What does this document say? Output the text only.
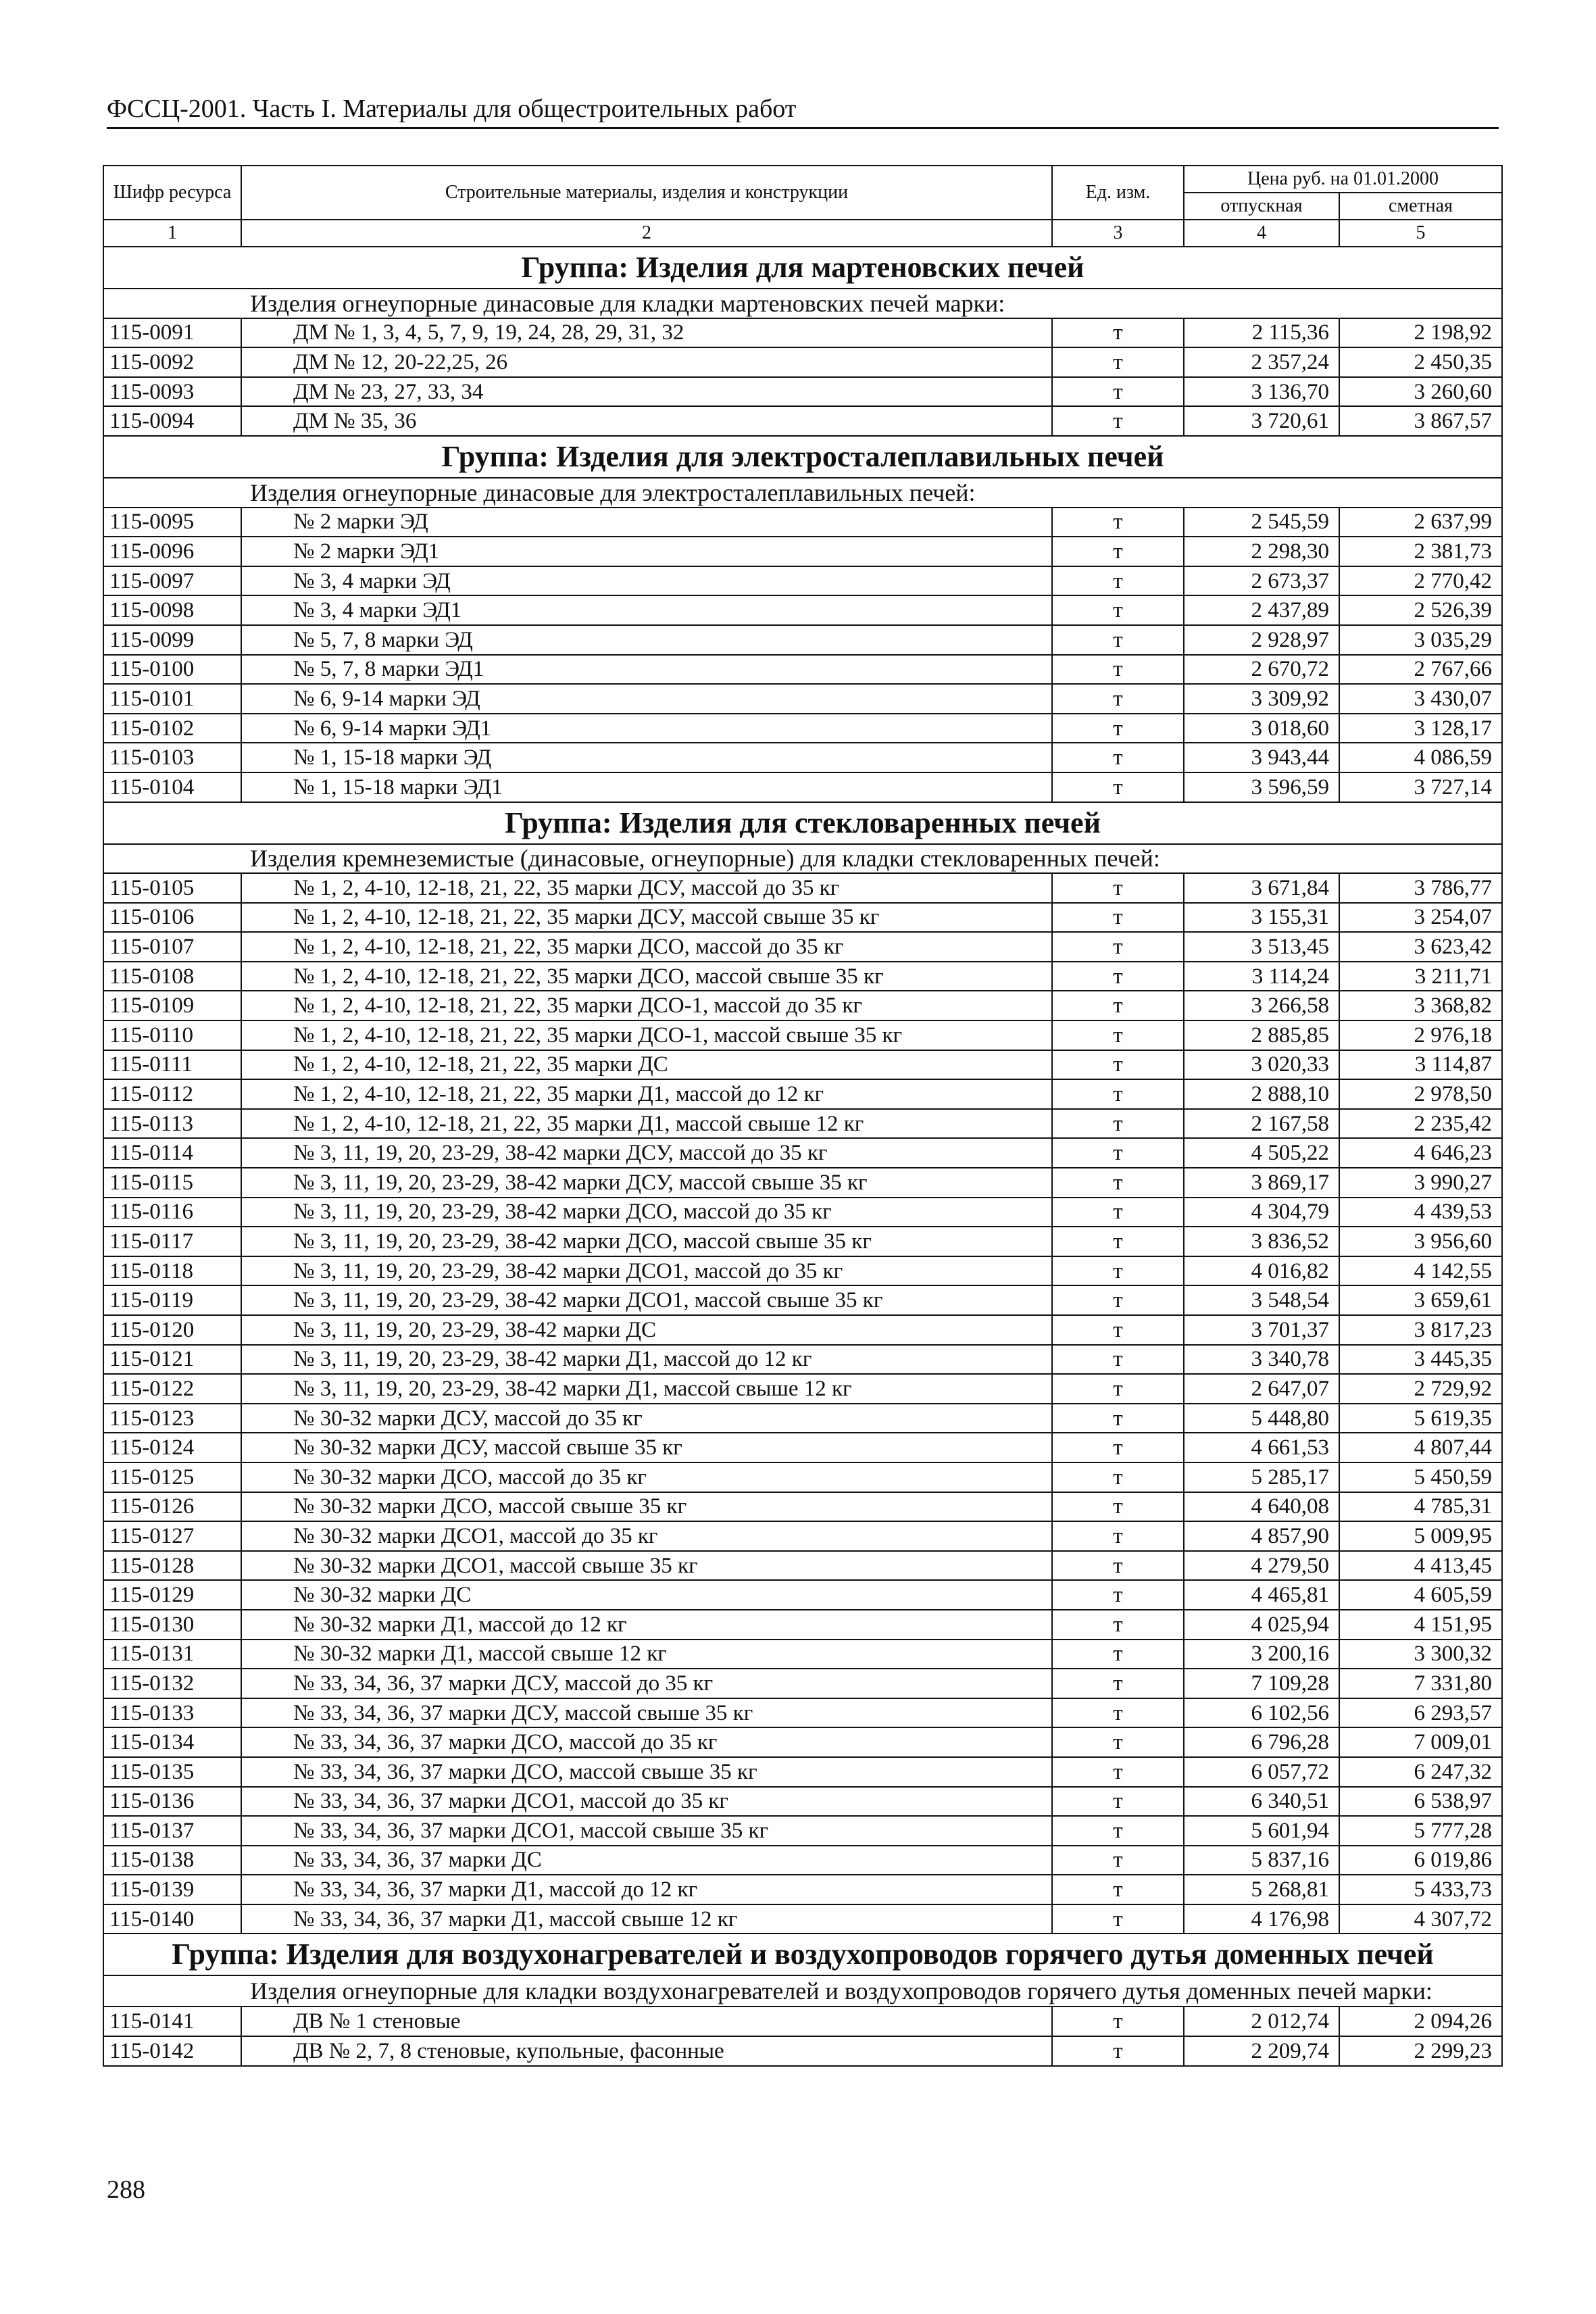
ФССЦ-2001. Часть I. Материалы для общестроительных работ
Шифр ресурса	Строительные материалы, изделия и конструкции	Ед. изм.	Цена руб. на 01.01.2000	
			отпускная	сметная
1	2	3	4	5
Группа: Изделия для мартеновских печей				
Изделия огнеупорные динасовые для кладки мартеновских печей марки:				
115-0091	ДМ № 1, 3, 4, 5, 7, 9, 19, 24, 28, 29, 31, 32	т	2 115,36	2 198,92
115-0092	ДМ № 12, 20-22,25, 26	т	2 357,24	2 450,35
115-0093	ДМ № 23, 27, 33, 34	т	3 136,70	3 260,60
115-0094	ДМ № 35, 36	т	3 720,61	3 867,57
Группа: Изделия для электросталеплавильных печей				
Изделия огнеупорные динасовые для электросталеплавильных печей:				
115-0095	№ 2 марки ЭД	т	2 545,59	2 637,99
115-0096	№ 2 марки ЭД1	т	2 298,30	2 381,73
115-0097	№ 3, 4 марки ЭД	т	2 673,37	2 770,42
115-0098	№ 3, 4 марки ЭД1	т	2 437,89	2 526,39
115-0099	№ 5, 7, 8 марки ЭД	т	2 928,97	3 035,29
115-0100	№ 5, 7, 8 марки ЭД1	т	2 670,72	2 767,66
115-0101	№ 6, 9-14 марки ЭД	т	3 309,92	3 430,07
115-0102	№ 6, 9-14 марки ЭД1	т	3 018,60	3 128,17
115-0103	№ 1, 15-18 марки ЭД	т	3 943,44	4 086,59
115-0104	№ 1, 15-18 марки ЭД1	т	3 596,59	3 727,14
Группа: Изделия для стекловаренных печей				
Изделия кремнеземистые (динасовые, огнеупорные) для кладки стекловаренных печей:				
115-0105	№ 1, 2, 4-10, 12-18, 21, 22, 35 марки ДСУ, массой до 35 кг	т	3 671,84	3 786,77
115-0106	№ 1, 2, 4-10, 12-18, 21, 22, 35 марки ДСУ, массой свыше 35 кг	т	3 155,31	3 254,07
115-0107	№ 1, 2, 4-10, 12-18, 21, 22, 35 марки ДСО, массой до 35 кг	т	3 513,45	3 623,42
115-0108	№ 1, 2, 4-10, 12-18, 21, 22, 35 марки ДСО, массой свыше 35 кг	т	3 114,24	3 211,71
115-0109	№ 1, 2, 4-10, 12-18, 21, 22, 35 марки ДСО-1, массой до 35 кг	т	3 266,58	3 368,82
115-0110	№ 1, 2, 4-10, 12-18, 21, 22, 35 марки ДСО-1, массой свыше 35 кг	т	2 885,85	2 976,18
115-0111	№ 1, 2, 4-10, 12-18, 21, 22, 35 марки ДС	т	3 020,33	3 114,87
115-0112	№ 1, 2, 4-10, 12-18, 21, 22, 35 марки Д1, массой до 12 кг	т	2 888,10	2 978,50
115-0113	№ 1, 2, 4-10, 12-18, 21, 22, 35 марки Д1, массой свыше 12 кг	т	2 167,58	2 235,42
115-0114	№ 3, 11, 19, 20, 23-29, 38-42 марки ДСУ, массой до 35 кг	т	4 505,22	4 646,23
115-0115	№ 3, 11, 19, 20, 23-29, 38-42 марки ДСУ, массой свыше 35 кг	т	3 869,17	3 990,27
115-0116	№ 3, 11, 19, 20, 23-29, 38-42 марки ДСО, массой до 35 кг	т	4 304,79	4 439,53
115-0117	№ 3, 11, 19, 20, 23-29, 38-42 марки ДСО, массой свыше 35 кг	т	3 836,52	3 956,60
115-0118	№ 3, 11, 19, 20, 23-29, 38-42 марки ДСО1, массой до 35 кг	т	4 016,82	4 142,55
115-0119	№ 3, 11, 19, 20, 23-29, 38-42 марки ДСО1, массой свыше 35 кг	т	3 548,54	3 659,61
115-0120	№ 3, 11, 19, 20, 23-29, 38-42 марки ДС	т	3 701,37	3 817,23
115-0121	№ 3, 11, 19, 20, 23-29, 38-42 марки Д1, массой до 12 кг	т	3 340,78	3 445,35
115-0122	№ 3, 11, 19, 20, 23-29, 38-42 марки Д1, массой свыше 12 кг	т	2 647,07	2 729,92
115-0123	№ 30-32 марки ДСУ, массой до 35 кг	т	5 448,80	5 619,35
115-0124	№ 30-32 марки ДСУ, массой свыше 35 кг	т	4 661,53	4 807,44
115-0125	№ 30-32 марки ДСО, массой до 35 кг	т	5 285,17	5 450,59
115-0126	№ 30-32 марки ДСО, массой свыше 35 кг	т	4 640,08	4 785,31
115-0127	№ 30-32 марки ДСО1, массой до 35 кг	т	4 857,90	5 009,95
115-0128	№ 30-32 марки ДСО1, массой свыше 35 кг	т	4 279,50	4 413,45
115-0129	№ 30-32 марки ДС	т	4 465,81	4 605,59
115-0130	№ 30-32 марки Д1, массой до 12 кг	т	4 025,94	4 151,95
115-0131	№ 30-32 марки Д1, массой свыше 12 кг	т	3 200,16	3 300,32
115-0132	№ 33, 34, 36, 37 марки ДСУ, массой до 35 кг	т	7 109,28	7 331,80
115-0133	№ 33, 34, 36, 37 марки ДСУ, массой свыше 35 кг	т	6 102,56	6 293,57
115-0134	№ 33, 34, 36, 37 марки ДСО, массой до 35 кг	т	6 796,28	7 009,01
115-0135	№ 33, 34, 36, 37 марки ДСО, массой свыше 35 кг	т	6 057,72	6 247,32
115-0136	№ 33, 34, 36, 37 марки ДСО1, массой до 35 кг	т	6 340,51	6 538,97
115-0137	№ 33, 34, 36, 37 марки ДСО1, массой свыше 35 кг	т	5 601,94	5 777,28
115-0138	№ 33, 34, 36, 37 марки ДС	т	5 837,16	6 019,86
115-0139	№ 33, 34, 36, 37 марки Д1, массой до 12 кг	т	5 268,81	5 433,73
115-0140	№ 33, 34, 36, 37 марки Д1, массой свыше 12 кг	т	4 176,98	4 307,72
Группа: Изделия для воздухонагревателей и воздухопроводов горячего дутья доменных печей				
Изделия огнеупорные для кладки воздухонагревателей и воздухопроводов горячего дутья доменных печей марки:				
115-0141	ДВ № 1 стеновые	т	2 012,74	2 094,26
115-0142	ДВ № 2, 7, 8 стеновые, купольные, фасонные	т	2 209,74	2 299,23
288
